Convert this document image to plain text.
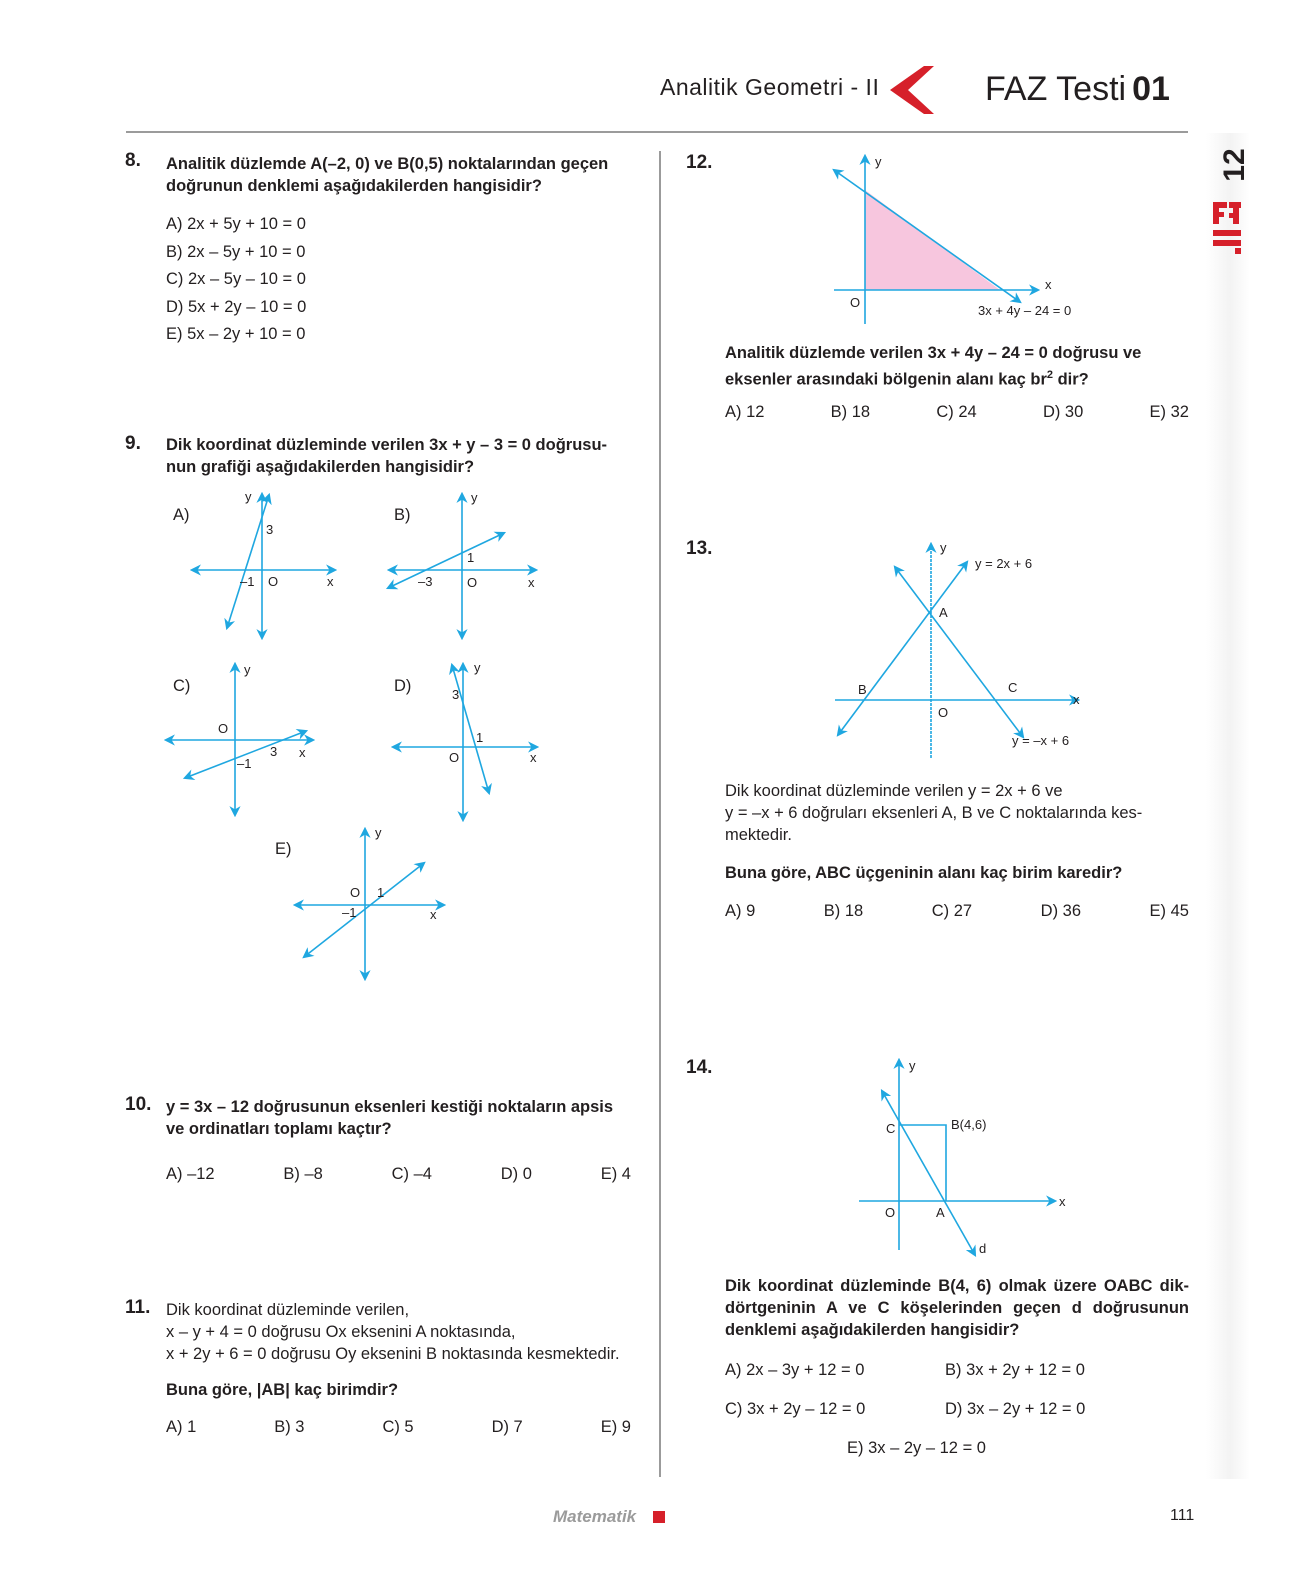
Analitik Geometri - II	FAZ Testi 01
12
8. Analitik düzlemde A(–2, 0) ve B(0,5) noktalarından geçen
doğrunun denklemi aşağıdakilerden hangisidir?
A) 2x + 5y + 10 = 0
B) 2x – 5y + 10 = 0
C) 2x – 5y – 10 = 0
D) 5x + 2y – 10 = 0
E) 5x – 2y + 10 = 0
9. Dik koordinat düzleminde verilen 3x + y – 3 = 0 doğrusu-
nun grafiği aşağıdakilerden hangisidir?
A)
y
x
O
3
–1
B)
y
x
O
1
–3
C)
y
x
O
3
–1
D)
y
x
O
3
1
E)
y
x
O 1
–1
10. y = 3x – 12 doğrusunun eksenleri kestiği noktaların apsis
ve ordinatları toplamı kaçtır?
A) –12	B) –8	C) –4	D) 0	E) 4
11. Dik koordinat düzleminde verilen,
x – y + 4 = 0 doğrusu Ox eksenini A noktasında,
x + 2y + 6 = 0 doğrusu Oy eksenini B noktasında kesmektedir.
Buna göre, |AB| kaç birimdir?
A) 1	B) 3	C) 5	D) 7	E) 9
12.	y
x
O
3x + 4y – 24 = 0
Analitik düzlemde verilen 3x + 4y – 24 = 0 doğrusu ve
eksenler arasındaki bölgenin alanı kaç $br^2$ dir?
A) 12	B) 18	C) 24	D) 30	E) 32
13.	y
x
O
A
B	C
y = 2x + 6
y = –x + 6
Dik koordinat düzleminde verilen y = 2x + 6 ve
y = –x + 6 doğruları eksenleri A, B ve C noktalarında kes-
mektedir.
Buna göre, ABC üçgeninin alanı kaç birim karedir?
A) 9	B) 18	C) 27	D) 36	E) 45
14.	y
x
O	A
B(4,6)
C
d
Dik koordinat düzleminde B(4, 6) olmak üzere OABC dik-
dörtgeninin A ve C köşelerinden geçen d doğrusunun
denklemi aşağıdakilerden hangisidir?
A) 2x – 3y + 12 = 0	B) 3x + 2y + 12 = 0
C) 3x + 2y – 12 = 0	D) 3x – 2y + 12 = 0
E) 3x – 2y – 12 = 0
Matematik	111
